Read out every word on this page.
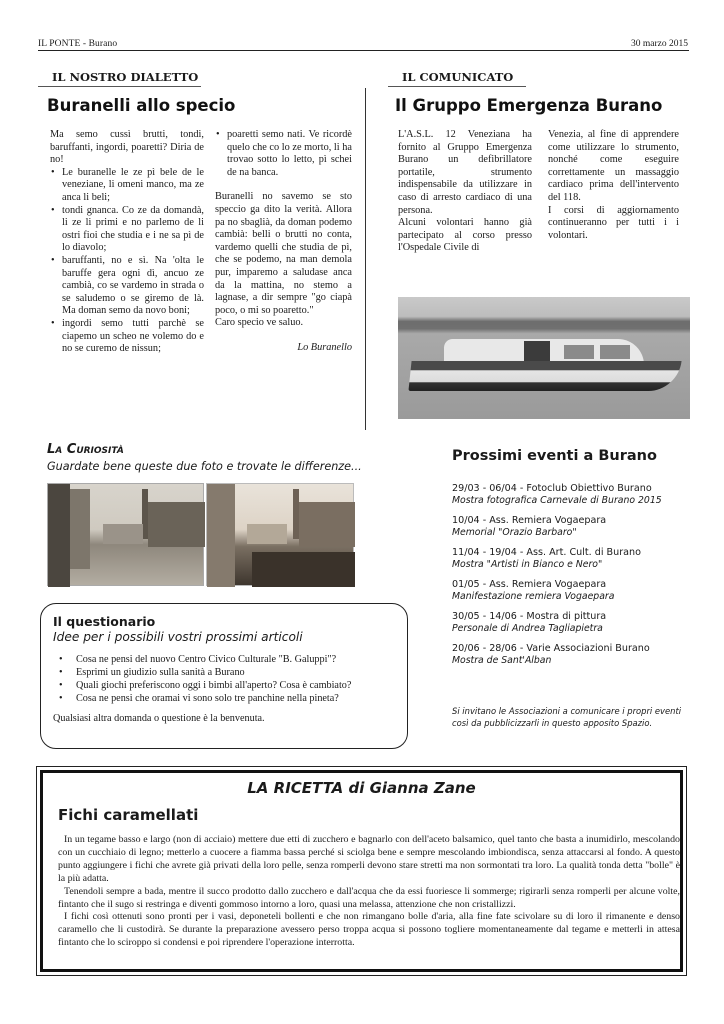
IL PONTE - Burano	30 marzo 2015
IL NOSTRO DIALETTO
Buranelli allo specio
Ma semo cussì brutti, tondi, baruffanti, ingordi, poaretti? Diria de no!
• Le buranelle le ze pì bele de le veneziane, li omeni manco, ma ze anca li beli;
• tondi gnanca. Co ze da domandà, li ze li primi e no parlemo de li ostri fioi che studia e i ne sa pì de lo diavolo;
• baruffanti, no e sì. Na 'olta le baruffe gera ogni dì, ancuo ze cambià, co se vardemo in strada o se saludemo o se giremo de là. Ma doman semo da novo boni;
• ingordi semo tutti parchè se ciapemo un scheo ne volemo do e no se curemo de nissun;
• poaretti semo nati. Ve ricordè quelo che co lo ze morto, li ha trovao sotto lo letto, pì schei de na banca.
Buranelli no savemo se sto speccio ga dito la verità. Allora pa no sbaglià, da doman podemo cambià: belli o brutti no conta, vardemo quelli che studia de pì, che se podemo, na man demola pur, imparemo a saludase anca da la mattina, no stemo a lagnase, a dir sempre "go ciapà poco, o mi so poaretto."
Caro specio ve saluo.
Lo Buranello
IL COMUNICATO
Il Gruppo Emergenza Burano
L'A.S.L. 12 Veneziana ha fornito al Gruppo Emergenza Burano un defibrillatore portatile, strumento indispensabile da utilizzare in caso di arresto cardiaco di una persona.
Alcuni volontari hanno già partecipato al corso presso l'Ospedale Civile di
Venezia, al fine di apprendere come utilizzare lo strumento, nonché come eseguire correttamente un massaggio cardiaco prima dell'intervento del 118.
I corsi di aggiornamento continueranno per tutti i i volontari.
La Curiosità
Guardate bene queste due foto e trovate le differenze...
Il questionario
Idee per i possibili vostri prossimi articoli
• Cosa ne pensi del nuovo Centro Civico Culturale "B. Galuppi"?
• Esprimi un giudizio sulla sanità a Burano
• Quali giochi preferiscono oggi i bimbi all'aperto? Cosa è cambiato?
• Cosa ne pensi che oramai vi sono solo tre panchine nella pineta?
Qualsiasi altra domanda o questione è la benvenuta.
Prossimi eventi a Burano
29/03 - 06/04 - Fotoclub Obiettivo Burano
Mostra fotografica Carnevale di Burano 2015
10/04 - Ass. Remiera Vogaepara
Memorial "Orazio Barbaro"
11/04 - 19/04 - Ass. Art. Cult. di Burano
Mostra "Artisti in Bianco e Nero"
01/05 - Ass. Remiera Vogaepara
Manifestazione remiera Vogaepara
30/05 - 14/06 - Mostra di pittura
Personale di Andrea Tagliapietra
20/06 - 28/06 - Varie Associazioni Burano
Mostra de Sant'Alban
Si invitano le Associazioni a comunicare i propri eventi così da pubblicizzarli in questo apposito Spazio.
LA RICETTA di Gianna Zane
Fichi caramellati

In un tegame basso e largo (non di acciaio) mettere due etti di zucchero e bagnarlo con dell'aceto balsamico, quel tanto che basta a inumidirlo, mescolando con un cucchiaio di legno; metterlo a cuocere a fiamma bassa perché si sciolga bene e sempre mescolando imbiondisca, senza attaccarsi al fondo. A questo punto aggiungere i fichi che avrete già privati della loro pelle, senza romperli devono stare stretti ma non sormontati tra loro. La qualità tonda detta "bolle" è la più adatta.

Tenendoli sempre a bada, mentre il succo prodotto dallo zucchero e dall'acqua che da essi fuoriesce li sommerge; rigirarli senza romperli per alcune volte, fintanto che il sugo si restringa e diventi gommoso intorno a loro, quasi una melassa, attenzione che non cristallizzi.

I fichi così ottenuti sono pronti per i vasi, deponeteli bollenti e che non rimangano bolle d'aria, alla fine fate scivolare su di loro il rimanente e denso caramello che li custodirà. Se durante la preparazione avessero perso troppa acqua si possono togliere momentaneamente dal tegame e metterli in attesa fintanto che lo sciroppo si condensi e poi riprendere l'operazione interrotta.
